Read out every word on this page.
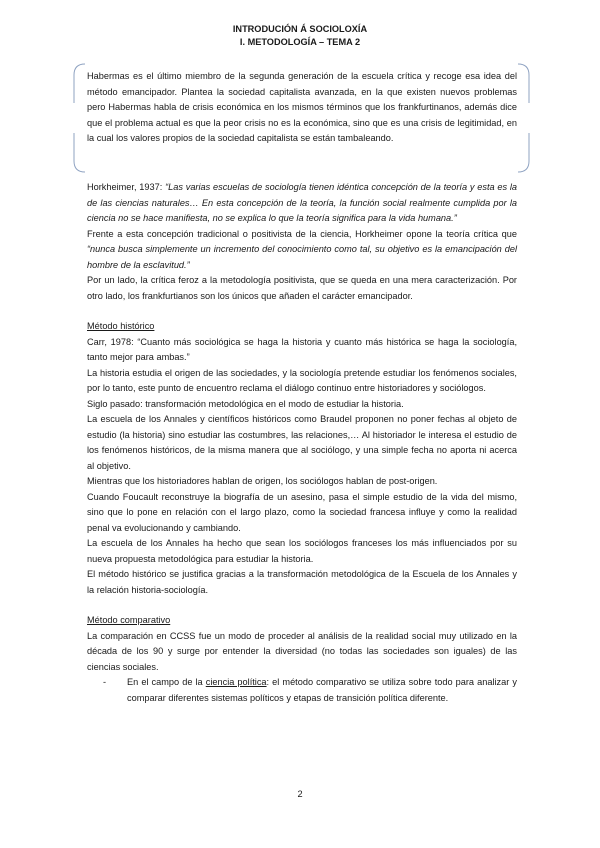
INTRODUCIÓN Á SOCIOLOXÍA
I. METODOLOGÍA – TEMA 2
Habermas es el último miembro de la segunda generación de la escuela crítica y recoge esa idea del método emancipador. Plantea la sociedad capitalista avanzada, en la que existen nuevos problemas pero Habermas habla de crisis económica en los mismos términos que los frankfurtinanos, además dice que el problema actual es que la peor crisis no es la económica, sino que es una crisis de legitimidad, en la cual los valores propios de la sociedad capitalista se están tambaleando.

Horkheimer, 1937: “Las varias escuelas de sociología tienen idéntica concepción de la teoría y esta es la de las ciencias naturales… En esta concepción de la teoría, la función social realmente cumplida por la ciencia no se hace manifiesta, no se explica lo que la teoría significa para la vida humana.”

Frente a esta concepción tradicional o positivista de la ciencia, Horkheimer opone la teoría crítica que “nunca busca simplemente un incremento del conocimiento como tal, su objetivo es la emancipación del hombre de la esclavitud.”

Por un lado, la crítica feroz a la metodología positivista, que se queda en una mera caracterización. Por otro lado, los frankfurtianos son los únicos que añaden el carácter emancipador.

Método histórico

Carr, 1978: “Cuanto más sociológica se haga la historia y cuanto más histórica se haga la sociología, tanto mejor para ambas.”

La historia estudia el origen de las sociedades, y la sociología pretende estudiar los fenómenos sociales, por lo tanto, este punto de encuentro reclama el diálogo continuo entre historiadores y sociólogos.

Siglo pasado: transformación metodológica en el modo de estudiar la historia.

La escuela de los Annales y científicos históricos como Braudel proponen no poner fechas al objeto de estudio (la historia) sino estudiar las costumbres, las relaciones,… Al historiador le interesa el estudio de los fenómenos históricos, de la misma manera que al sociólogo, y una simple fecha no aporta ni acerca al objetivo.

Mientras que los historiadores hablan de origen, los sociólogos hablan de post-origen.

Cuando Foucault reconstruye la biografía de un asesino, pasa el simple estudio de la vida del mismo, sino que lo pone en relación con el largo plazo, como la sociedad francesa influye y como la realidad penal va evolucionando y cambiando.

La escuela de los Annales ha hecho que sean los sociólogos franceses los más influenciados por su nueva propuesta metodológica para estudiar la historia.

El método histórico se justifica gracias a la transformación metodológica de la Escuela de los Annales y la relación historia-sociología.

Método comparativo

La comparación en CCSS fue un modo de proceder al análisis de la realidad social muy utilizado en la década de los 90 y surge por entender la diversidad (no todas las sociedades son iguales) de las ciencias sociales.

-	En el campo de la ciencia política: el método comparativo se utiliza sobre todo para analizar y comparar diferentes sistemas políticos y etapas de transición política diferente.
2
